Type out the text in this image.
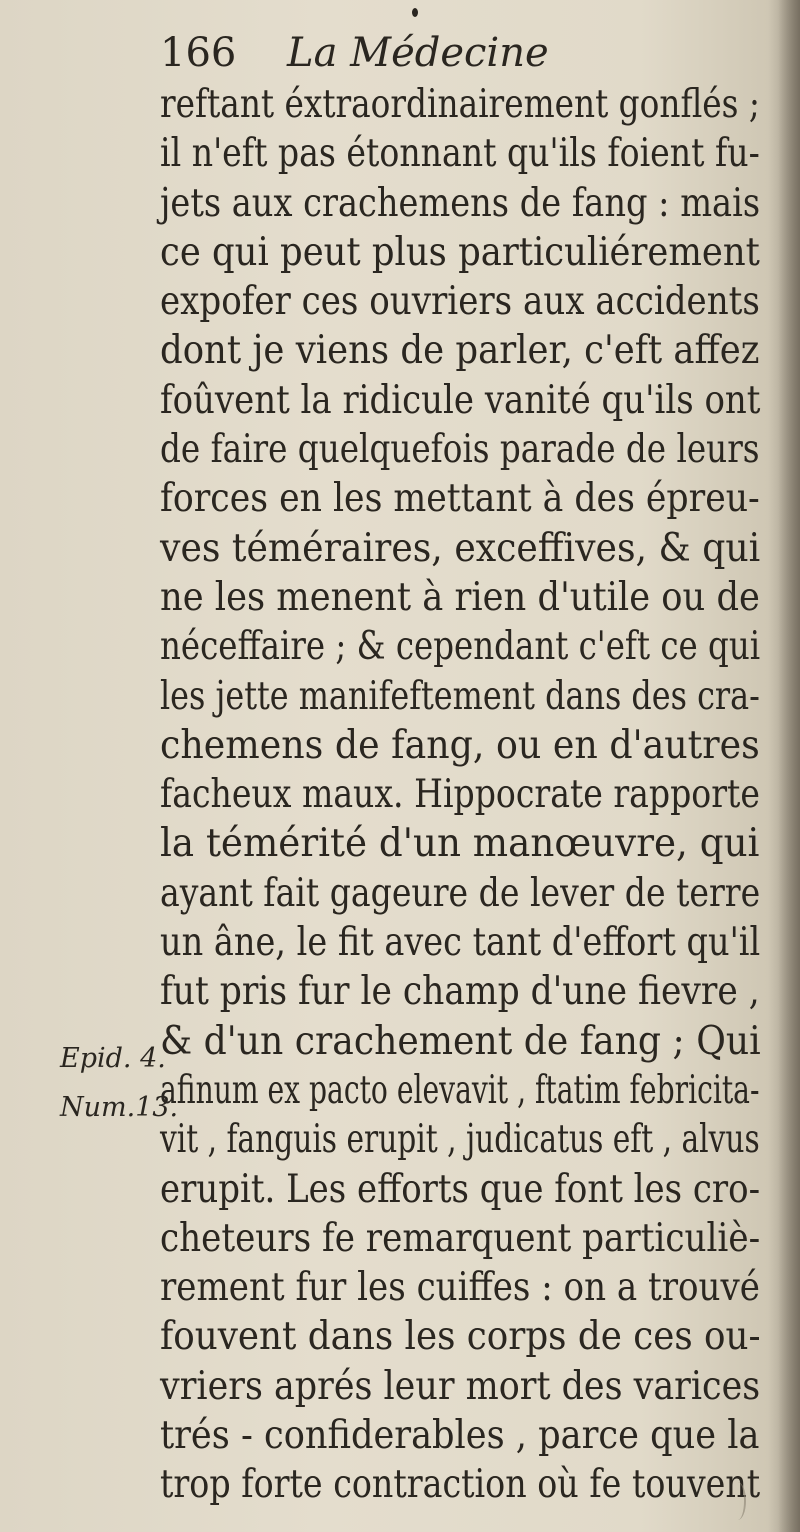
166 La Médecine
Epid. 4.
Num.13.
reftant éxtraordinairement gonflés ;
il n'eft pas étonnant qu'ils foient fu-
jets aux crachemens de fang : mais
ce qui peut plus particuliérement
expofer ces ouvriers aux accidents
dont je viens de parler, c'eft affez
foûvent la ridicule vanité qu'ils ont
de faire quelquefois parade de leurs
forces en les mettant à des épreu-
ves téméraires, exceffives, & qui
ne les menent à rien d'utile ou de
néceffaire ; & cependant c'eft ce qui
les jette manifeftement dans des cra-
chemens de fang, ou en d'autres
facheux maux. Hippocrate rapporte
la témérité d'un manœuvre, qui
ayant fait gageure de lever de terre
un âne, le fit avec tant d'effort qu'il
fut pris fur le champ d'une fievre ,
& d'un crachement de fang ; Qui
afinum ex pacto elevavit , ftatim febricita-
vit , fanguis erupit , judicatus eft , alvus
erupit. Les efforts que font les cro-
cheteurs fe remarquent particuliè-
rement fur les cuiffes : on a trouvé
fouvent dans les corps de ces ou-
vriers aprés leur mort des varices
trés - confiderables , parce que la
trop forte contraction où fe touvent
